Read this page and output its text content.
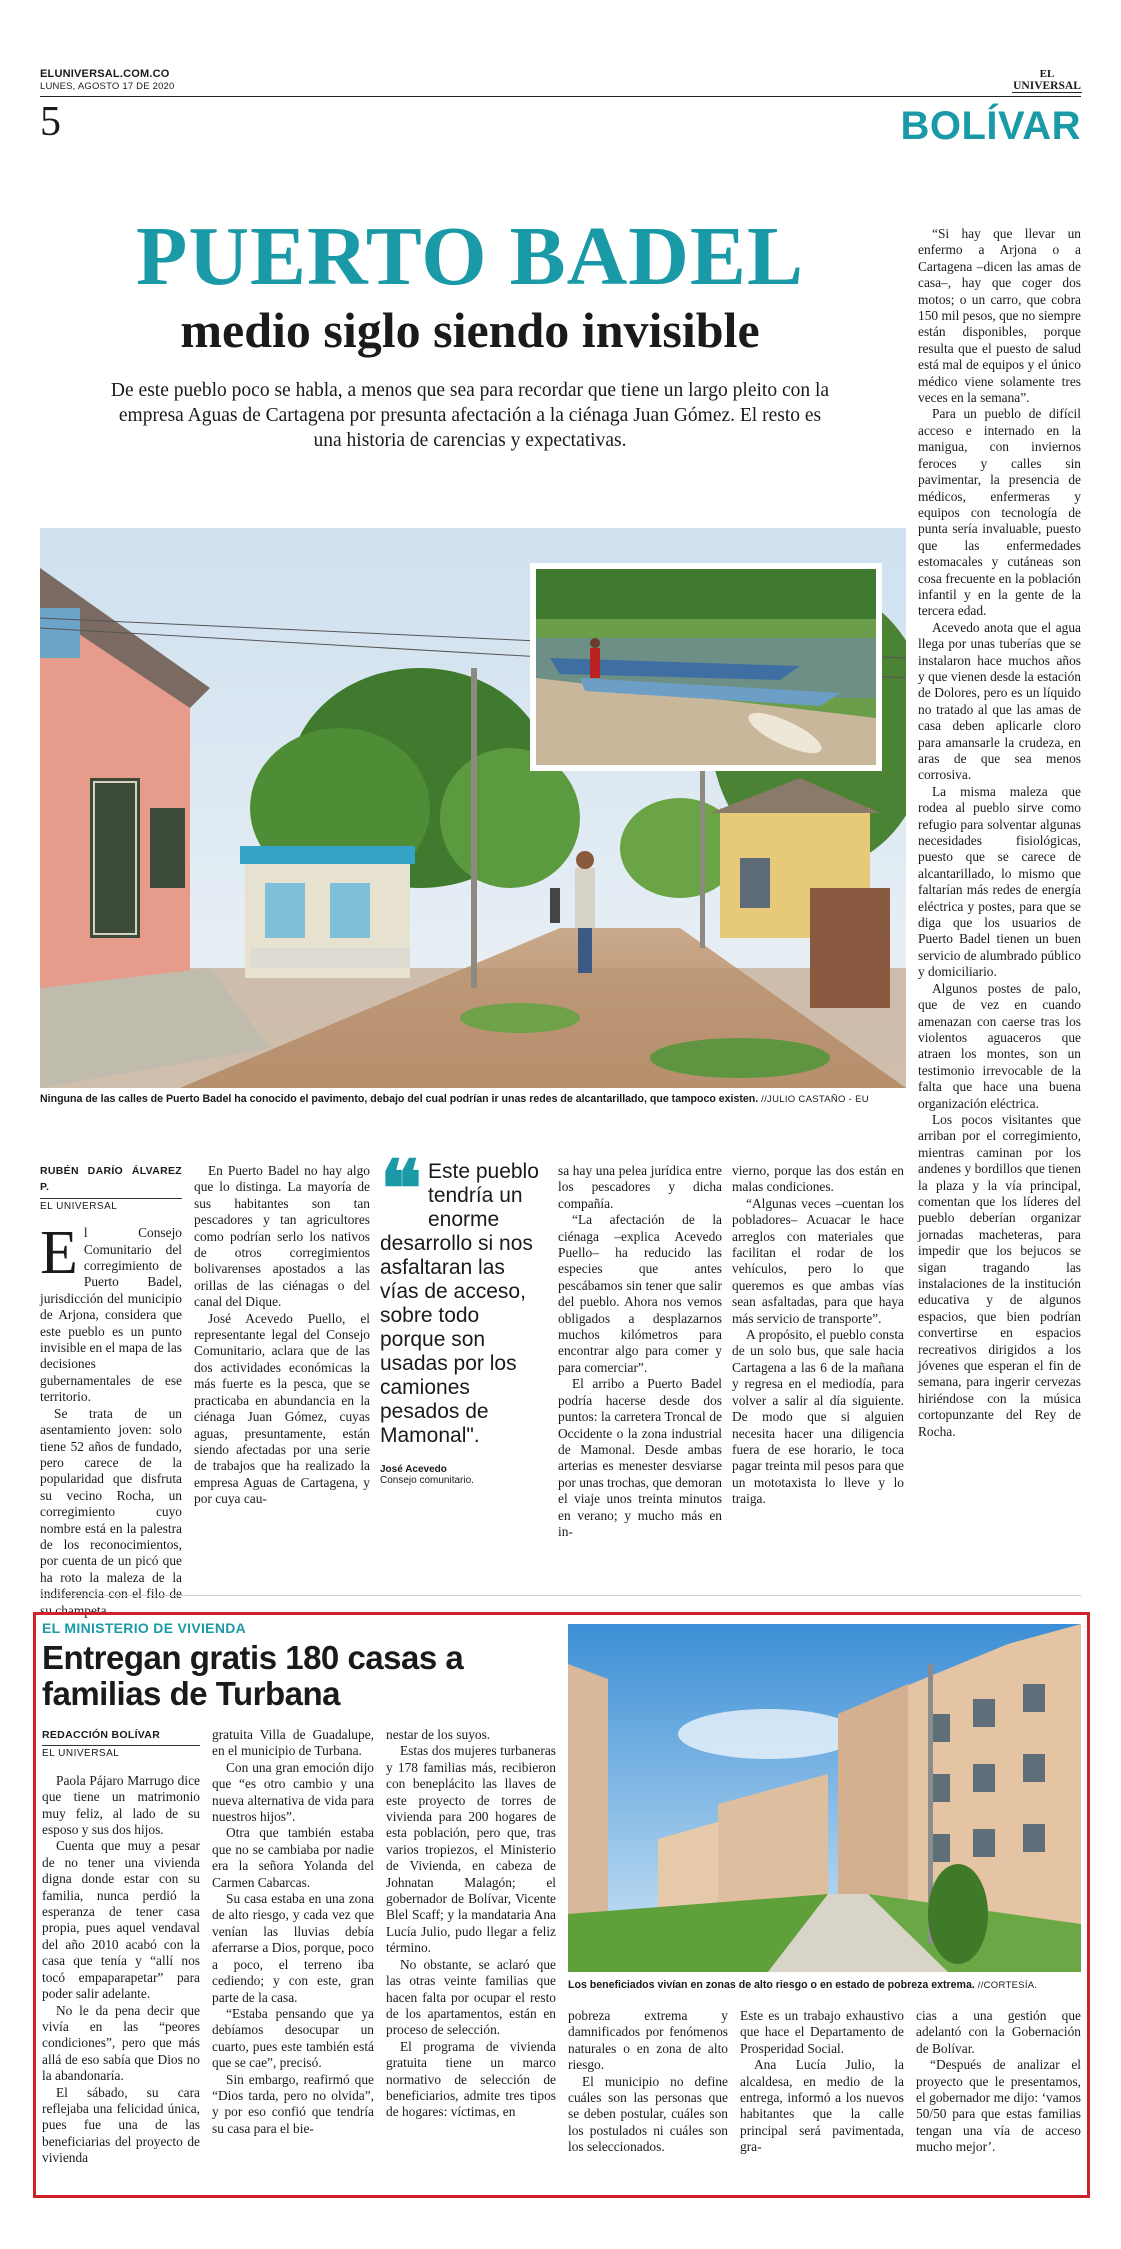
ELUNIVERSAL.COM.CO
LUNES, AGOSTO 17 DE 2020
5
EL
UNIVERSAL
BOLÍVAR
PUERTO BADEL
medio siglo siendo invisible
De este pueblo poco se habla, a menos que sea para recordar que tiene un largo pleito con la empresa Aguas de Cartagena por presunta afectación a la ciénaga Juan Gómez. El resto es una historia de carencias y expectativas.
Ninguna de las calles de Puerto Badel ha conocido el pavimento, debajo del cual podrían ir unas redes de alcantarillado, que tampoco existen. //JULIO CASTAÑO - EU
RUBÉN DARÍO ÁLVAREZ P.
EL UNIVERSAL

El Consejo Comunitario del corregimiento de Puerto Badel, jurisdicción del municipio de Arjona, considera que este pueblo es un punto invisible en el mapa de las decisiones gubernamentales de ese territorio.

Se trata de un asentamiento joven: solo tiene 52 años de fundado, pero carece de la popularidad que disfruta su vecino Rocha, un corregimiento cuyo nombre está en la palestra de los reconocimientos, por cuenta de un picó que ha roto la maleza de la indiferencia con el filo de su champeta.

En Puerto Badel no hay algo que lo distinga. La mayoría de sus habitantes son tan pescadores y tan agricultores como podrían serlo los nativos de otros corregimientos bolivarenses apostados a las orillas de las ciénagas o del canal del Dique.

José Acevedo Puello, el representante legal del Consejo Comunitario, aclara que de las dos actividades económicas la más fuerte es la pesca, que se practicaba en abundancia en la ciénaga Juan Gómez, cuyas aguas, presuntamente, están siendo afectadas por una serie de trabajos que ha realizado la empresa Aguas de Cartagena, y por cuya cau-

❝ Este pueblo tendría un enorme desarrollo si nos asfaltaran las vías de acceso, sobre todo porque son usadas por los camiones pesados de Mamonal".
José Acevedo
Consejo comunitario.

sa hay una pelea jurídica entre los pescadores y dicha compañía.

“La afectación de la ciénaga –explica Acevedo Puello– ha reducido las especies que antes pescábamos sin tener que salir del pueblo. Ahora nos vemos obligados a desplazarnos muchos kilómetros para encontrar algo para comer y para comerciar”.

El arribo a Puerto Badel podría hacerse desde dos puntos: la carretera Troncal de Occidente o la zona industrial de Mamonal. Desde ambas arterias es menester desviarse por unas trochas, que demoran el viaje unos treinta minutos en verano; y mucho más en in-

vierno, porque las dos están en malas condiciones.

“Algunas veces –cuentan los pobladores– Acuacar le hace arreglos con materiales que facilitan el rodar de los vehículos, pero lo que queremos es que ambas vías sean asfaltadas, para que haya más servicio de transporte”.

A propósito, el pueblo consta de un solo bus, que sale hacia Cartagena a las 6 de la mañana y regresa en el mediodía, para volver a salir al día siguiente. De modo que si alguien necesita hacer una diligencia fuera de ese horario, le toca pagar treinta mil pesos para que un mototaxista lo lleve y lo traiga.

“Si hay que llevar un enfermo a Arjona o a Cartagena –dicen las amas de casa–, hay que coger dos motos; o un carro, que cobra 150 mil pesos, que no siempre están disponibles, porque resulta que el puesto de salud está mal de equipos y el único médico viene solamente tres veces en la semana”.

Para un pueblo de difícil acceso e internado en la manigua, con inviernos feroces y calles sin pavimentar, la presencia de médicos, enfermeras y equipos con tecnología de punta sería invaluable, puesto que las enfermedades estomacales y cutáneas son cosa frecuente en la población infantil y en la gente de la tercera edad.

Acevedo anota que el agua llega por unas tuberías que se instalaron hace muchos años y que vienen desde la estación de Dolores, pero es un líquido no tratado al que las amas de casa deben aplicarle cloro para amansarle la crudeza, en aras de que sea menos corrosiva.

La misma maleza que rodea al pueblo sirve como refugio para solventar algunas necesidades fisiológicas, puesto que se carece de alcantarillado, lo mismo que faltarían más redes de energía eléctrica y postes, para que se diga que los usuarios de Puerto Badel tienen un buen servicio de alumbrado público y domiciliario.

Algunos postes de palo, que de vez en cuando amenazan con caerse tras los violentos aguaceros que atraen los montes, son un testimonio irrevocable de la falta que hace una buena organización eléctrica.

Los pocos visitantes que arriban por el corregimiento, mientras caminan por los andenes y bordillos que tienen la plaza y la vía principal, comentan que los líderes del pueblo deberían organizar jornadas macheteras, para impedir que los bejucos se sigan tragando las instalaciones de la institución educativa y de algunos espacios, que bien podrían convertirse en espacios recreativos dirigidos a los jóvenes que esperan el fin de semana, para ingerir cervezas hiriéndose con la música cortopunzante del Rey de Rocha.

EL MINISTERIO DE VIVIENDA
Entregan gratis 180 casas a familias de Turbana
Los beneficiados vivían en zonas de alto riesgo o en estado de pobreza extrema. //CORTESÍA.
REDACCIÓN BOLÍVAR
EL UNIVERSAL

Paola Pájaro Marrugo dice que tiene un matrimonio muy feliz, al lado de su esposo y sus dos hijos.

Cuenta que muy a pesar de no tener una vivienda digna donde estar con su familia, nunca perdió la esperanza de tener casa propia, pues aquel vendaval del año 2010 acabó con la casa que tenía y “allí nos tocó empaparapetar” para poder salir adelante.

No le da pena decir que vivía en las “peores condiciones”, pero que más allá de eso sabía que Dios no la abandonaría.

El sábado, su cara reflejaba una felicidad única, pues fue una de las beneficiarias del proyecto de vivienda

gratuita Villa de Guadalupe, en el municipio de Turbana.

Con una gran emoción dijo que “es otro cambio y una nueva alternativa de vida para nuestros hijos”.

Otra que también estaba que no se cambiaba por nadie era la señora Yolanda del Carmen Cabarcas.

Su casa estaba en una zona de alto riesgo, y cada vez que venían las lluvias debía aferrarse a Dios, porque, poco a poco, el terreno iba cediendo; y con este, gran parte de la casa.

“Estaba pensando que ya debíamos desocupar un cuarto, pues este también está que se cae”, precisó.

Sin embargo, reafirmó que “Dios tarda, pero no olvida”, y por eso confió que tendría su casa para el bie-

nestar de los suyos.

Estas dos mujeres turbaneras y 178 familias más, recibieron con beneplácito las llaves de este proyecto de torres de vivienda para 200 hogares de esta población, pero que, tras varios tropiezos, el Ministerio de Vivienda, en cabeza de Johnatan Malagón; el gobernador de Bolívar, Vicente Blel Scaff; y la mandataria Ana Lucía Julio, pudo llegar a feliz término.

No obstante, se aclaró que las otras veinte familias que hacen falta por ocupar el resto de los apartamentos, están en proceso de selección.

El programa de vivienda gratuita tiene un marco normativo de selección de beneficiarios, admite tres tipos de hogares: víctimas, en

pobreza extrema y damnificados por fenómenos naturales o en zona de alto riesgo.

El municipio no define cuáles son las personas que se deben postular, cuáles son los postulados ni cuáles son los seleccionados.

Este es un trabajo exhaustivo que hace el Departamento de Prosperidad Social.

Ana Lucía Julio, la alcaldesa, en medio de la entrega, informó a los nuevos habitantes que la calle principal será pavimentada, gra-

cias a una gestión que adelantó con la Gobernación de Bolívar.

“Después de analizar el proyecto que le presentamos, el gobernador me dijo: ‘vamos 50/50 para que estas familias tengan una vía de acceso mucho mejor’.
